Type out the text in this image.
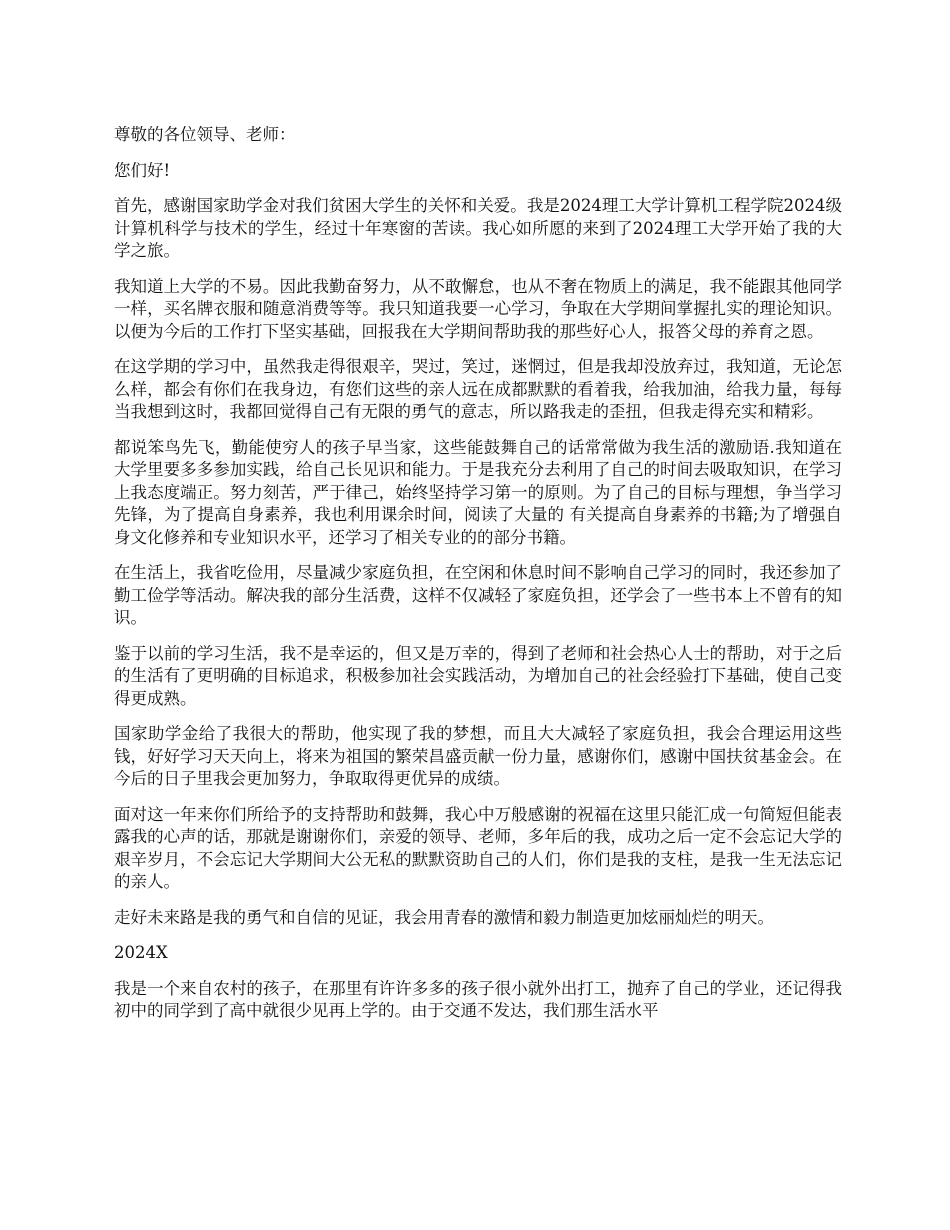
尊敬的各位领导、老师：

您们好!

首先，感谢国家助学金对我们贫困大学生的关怀和关爱。我是2024理工大学计算机工程学院2024级计算机科学与技术的学生，经过十年寒窗的苦读。我心如所愿的来到了2024理工大学开始了我的大学之旅。

我知道上大学的不易。因此我勤奋努力，从不敢懈怠，也从不奢在物质上的满足，我不能跟其他同学一样，买名牌衣服和随意消费等等。我只知道我要一心学习，争取在大学期间掌握扎实的理论知识。以便为今后的工作打下坚实基础，回报我在大学期间帮助我的那些好心人，报答父母的养育之恩。

在这学期的学习中，虽然我走得很艰辛，哭过，笑过，迷惘过，但是我却没放弃过，我知道，无论怎么样，都会有你们在我身边，有您们这些的亲人远在成都默默的看着我，给我加油，给我力量，每每当我想到这时，我都回觉得自己有无限的勇气的意志，所以路我走的歪扭，但我走得充实和精彩。

都说笨鸟先飞，勤能使穷人的孩子早当家，这些能鼓舞自己的话常常做为我生活的激励语.我知道在大学里要多多参加实践，给自己长见识和能力。于是我充分去利用了自己的时间去吸取知识，在学习上我态度端正。努力刻苦，严于律己，始终坚持学习第一的原则。为了自己的目标与理想，争当学习先锋，为了提高自身素养，我也利用课余时间，阅读了大量的 有关提高自身素养的书籍;为了增强自身文化修养和专业知识水平，还学习了相关专业的的部分书籍。

在生活上，我省吃俭用，尽量减少家庭负担，在空闲和休息时间不影响自己学习的同时，我还参加了勤工俭学等活动。解决我的部分生活费，这样不仅减轻了家庭负担，还学会了一些书本上不曾有的知识。

鉴于以前的学习生活，我不是幸运的，但又是万幸的，得到了老师和社会热心人士的帮助，对于之后的生活有了更明确的目标追求，积极参加社会实践活动，为增加自己的社会经验打下基础，使自己变得更成熟。

国家助学金给了我很大的帮助，他实现了我的梦想，而且大大减轻了家庭负担，我会合理运用这些钱，好好学习天天向上，将来为祖国的繁荣昌盛贡献一份力量，感谢你们，感谢中国扶贫基金会。在今后的日子里我会更加努力，争取取得更优异的成绩。

面对这一年来你们所给予的支持帮助和鼓舞，我心中万般感谢的祝福在这里只能汇成一句简短但能表露我的心声的话，那就是谢谢你们，亲爱的领导、老师，多年后的我，成功之后一定不会忘记大学的艰辛岁月，不会忘记大学期间大公无私的默默资助自己的人们，你们是我的支柱，是我一生无法忘记的亲人。

走好未来路是我的勇气和自信的见证，我会用青春的激情和毅力制造更加炫丽灿烂的明天。

2024X

我是一个来自农村的孩子，在那里有许许多多的孩子很小就外出打工，抛弃了自己的学业，还记得我初中的同学到了高中就很少见再上学的。由于交通不发达，我们那生活水平
